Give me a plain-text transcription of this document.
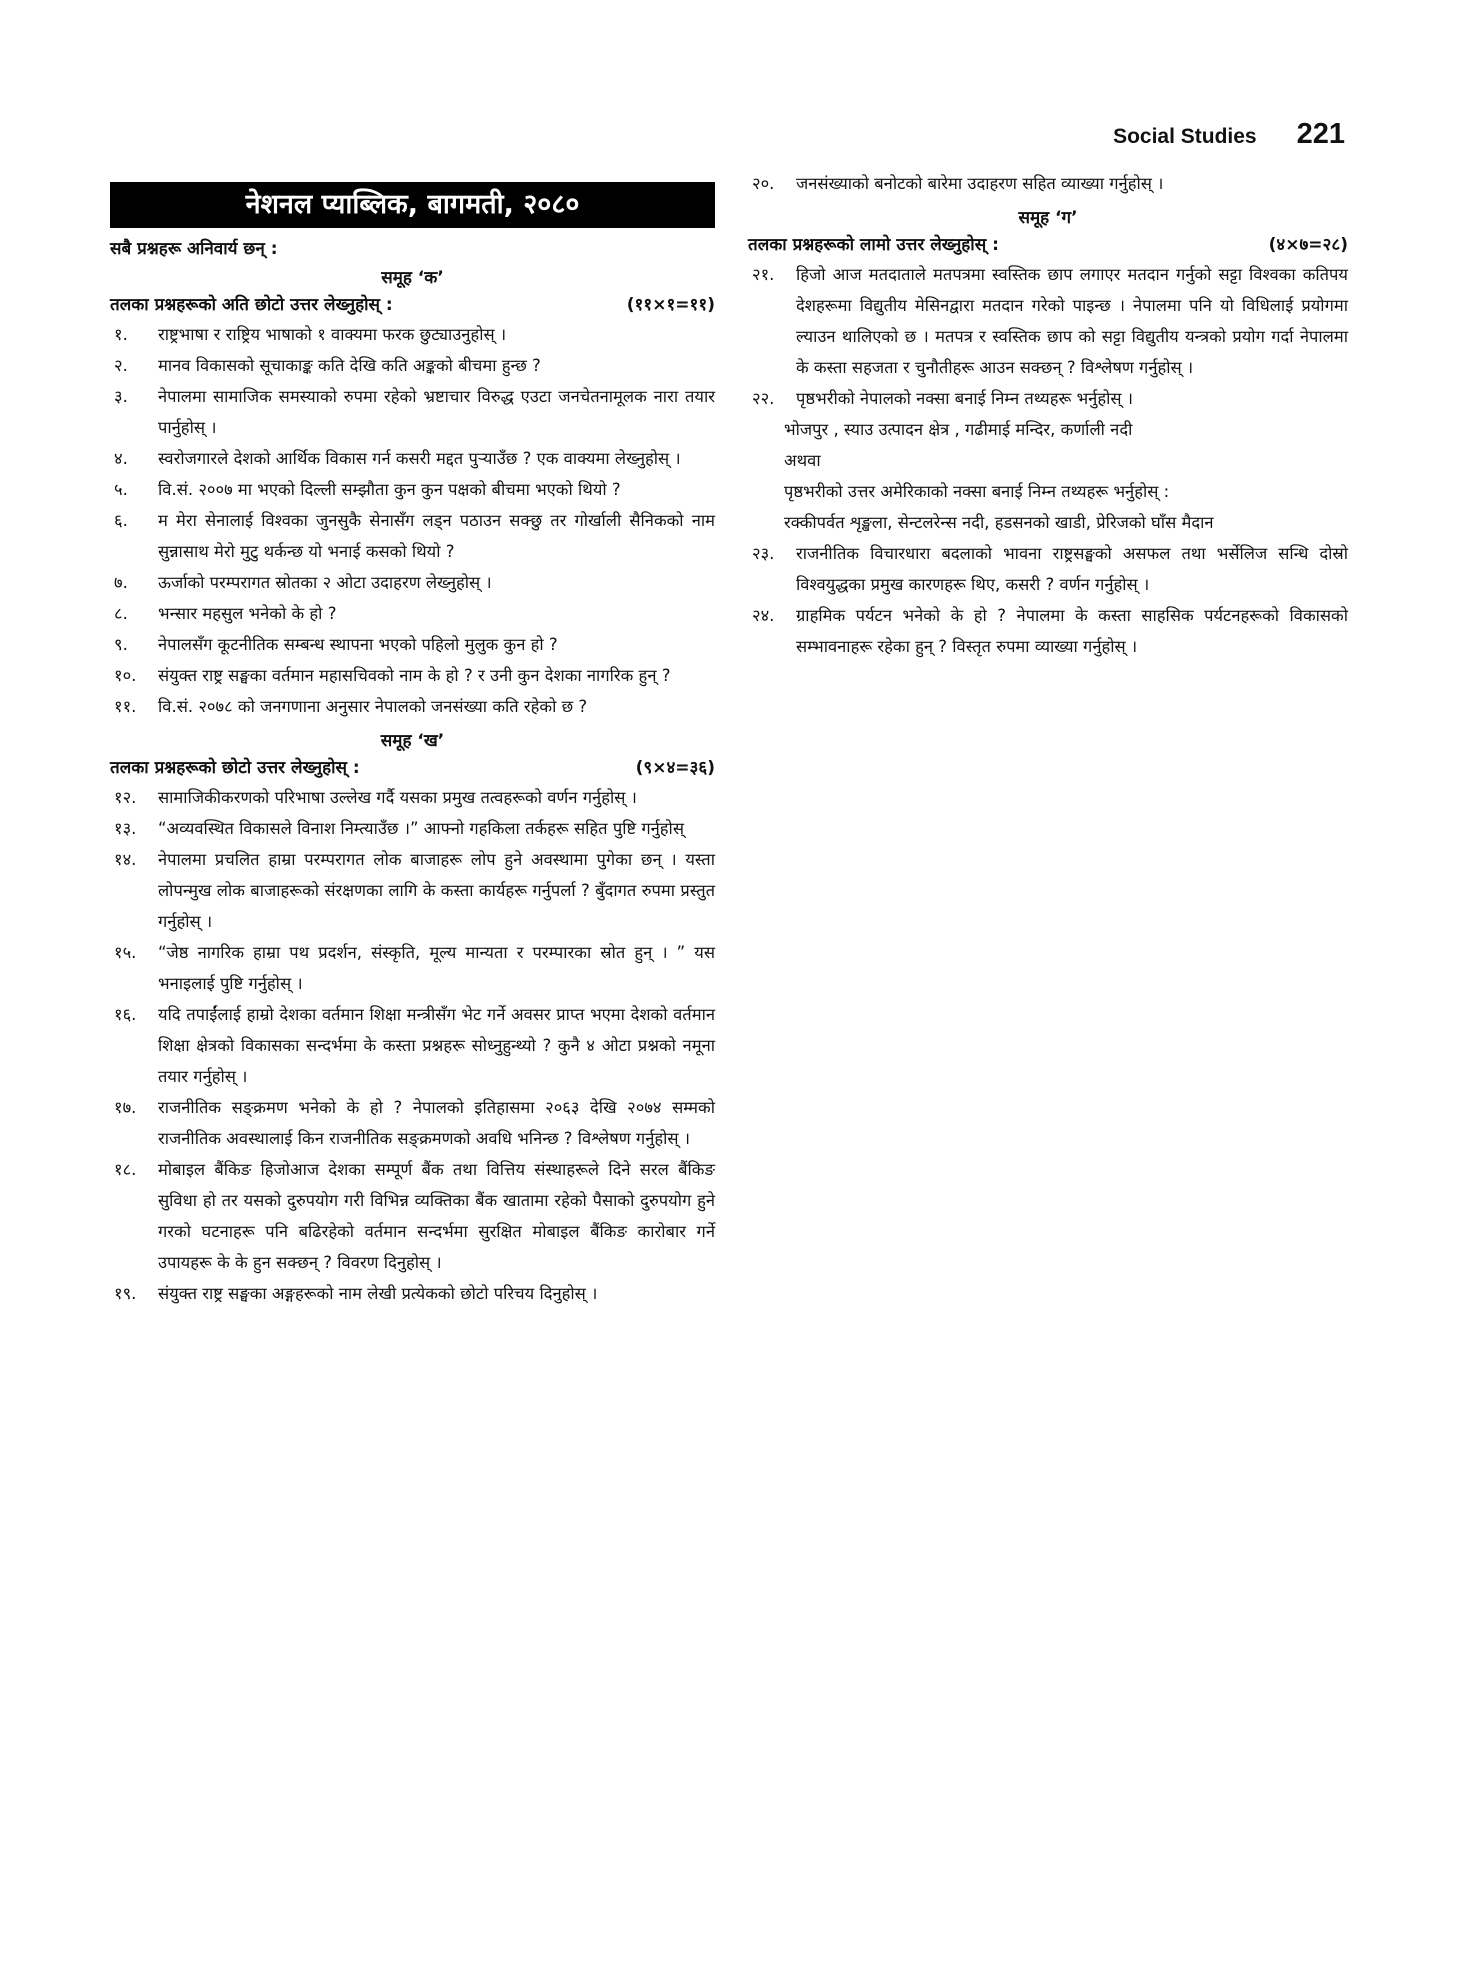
Social Studies 221
नेशनल प्याब्लिक, बागमती, २०८०
सबै प्रश्नहरू अनिवार्य छन् :
समूह ‘क’
तलका प्रश्नहरूको अति छोटो उत्तर लेख्नुहोस् :	(११×१=११)
१.	राष्ट्रभाषा र राष्ट्रिय भाषाको १ वाक्यमा फरक छुट्याउनुहोस् ।
२.	मानव विकासको सूचाकाङ्क कति देखि कति अङ्कको बीचमा हुन्छ ?
३.	नेपालमा सामाजिक समस्याको रुपमा रहेको भ्रष्टाचार विरुद्ध एउटा जनचेतनामूलक नारा तयार पार्नुहोस् ।
४.	स्वरोजगारले देशको आर्थिक विकास गर्न कसरी मद्दत पुऱ्याउँछ ? एक वाक्यमा लेख्नुहोस् ।
५.	वि.सं. २००७ मा भएको दिल्ली सम्झौता कुन कुन पक्षको बीचमा भएको थियो ?
६.	म मेरा सेनालाई विश्वका जुनसुकै सेनासँग लड्न पठाउन सक्छु तर गोर्खाली सैनिकको नाम सुन्नासाथ मेरो मुटु थर्कन्छ यो भनाई कसको थियो ?
७.	ऊर्जाको परम्परागत स्रोतका २ ओटा उदाहरण लेख्नुहोस् ।
८.	भन्सार महसुल भनेको के हो ?
९.	नेपालसँग कूटनीतिक सम्बन्ध स्थापना भएको पहिलो मुलुक कुन हो ?
१०.	संयुक्त राष्ट्र सङ्घका वर्तमान महासचिवको नाम के हो ? र उनी कुन देशका नागरिक हुन् ?
११.	वि.सं. २०७८ को जनगणाना अनुसार नेपालको जनसंख्या कति रहेको छ ?
समूह ‘ख’
तलका प्रश्नहरूको छोटो उत्तर लेख्नुहोस् :	(९×४=३६)
१२.	सामाजिकीकरणको परिभाषा उल्लेख गर्दै यसका प्रमुख तत्वहरूको वर्णन गर्नुहोस् ।
१३.	“अव्यवस्थित विकासले विनाश निम्त्याउँछ ।” आफ्नो गहकिला तर्कहरू सहित पुष्टि गर्नुहोस्
१४.	नेपालमा प्रचलित हाम्रा परम्परागत लोक बाजाहरू लोप हुने अवस्थामा पुगेका छन् । यस्ता लोपन्मुख लोक बाजाहरूको संरक्षणका लागि के कस्ता कार्यहरू गर्नुपर्ला ? बुँदागत रुपमा प्रस्तुत गर्नुहोस् ।
१५.	“जेष्ठ नागरिक हाम्रा पथ प्रदर्शन, संस्कृति, मूल्य मान्यता र परम्पारका स्रोत हुन् । ” यस भनाइलाई पुष्टि गर्नुहोस् ।
१६.	यदि तपाईंलाई हाम्रो देशका वर्तमान शिक्षा मन्त्रीसँग भेट गर्ने अवसर प्राप्त भएमा देशको वर्तमान शिक्षा क्षेत्रको विकासका सन्दर्भमा के कस्ता प्रश्नहरू सोध्नुहुन्थ्यो ? कुनै ४ ओटा प्रश्नको नमूना तयार गर्नुहोस् ।
१७.	राजनीतिक सङ्क्रमण भनेको के हो ? नेपालको इतिहासमा २०६३ देखि २०७४ सम्मको राजनीतिक अवस्थालाई किन राजनीतिक सङ्क्रमणको अवधि भनिन्छ ? विश्लेषण गर्नुहोस् ।
१८.	मोबाइल बैंकिङ हिजोआज देशका सम्पूर्ण बैंक तथा वित्तिय संस्थाहरूले दिने सरल बैंकिङ सुविधा हो तर यसको दुरुपयोग गरी विभिन्न व्यक्तिका बैंक खातामा रहेको पैसाको दुरुपयोग हुने गरको घटनाहरू पनि बढिरहेको वर्तमान सन्दर्भमा सुरक्षित मोबाइल बैंकिङ कारोबार गर्ने उपायहरू के के हुन सक्छन् ? विवरण दिनुहोस् ।
१९.	संयुक्त राष्ट्र सङ्घका अङ्गहरूको नाम लेखी प्रत्येकको छोटो परिचय दिनुहोस् ।
२०.	जनसंख्याको बनोटको बारेमा उदाहरण सहित व्याख्या गर्नुहोस् ।
समूह ‘ग’
तलका प्रश्नहरूको लामो उत्तर लेख्नुहोस् :	(४×७=२८)
२१.	हिजो आज मतदाताले मतपत्रमा स्वस्तिक छाप लगाएर मतदान गर्नुको सट्टा विश्वका कतिपय देशहरूमा विद्युतीय मेसिनद्वारा मतदान गरेको पाइन्छ । नेपालमा पनि यो विधिलाई प्रयोगमा ल्याउन थालिएको छ । मतपत्र र स्वस्तिक छाप को सट्टा विद्युतीय यन्त्रको प्रयोग गर्दा नेपालमा के कस्ता सहजता र चुनौतीहरू आउन सक्छन् ? विश्लेषण गर्नुहोस् ।
२२.	पृष्ठभरीको नेपालको नक्सा बनाई निम्न तथ्यहरू भर्नुहोस् ।
भोजपुर , स्याउ उत्पादन क्षेत्र , गढीमाई मन्दिर, कर्णाली नदी
अथवा
पृष्ठभरीको उत्तर अमेरिकाको नक्सा बनाई निम्न तथ्यहरू भर्नुहोस् :
रक्कीपर्वत शृङ्खला, सेन्टलरेन्स नदी, हडसनको खाडी, प्रेरिजको घाँस मैदान
२३.	राजनीतिक विचारधारा बदलाको भावना राष्ट्रसङ्घको असफल तथा भर्सेलिज सन्धि दोस्रो विश्वयुद्धका प्रमुख कारणहरू थिए, कसरी ? वर्णन गर्नुहोस् ।
२४.	ग्राहमिक पर्यटन भनेको के हो ? नेपालमा के कस्ता साहसिक पर्यटनहरूको विकासको सम्भावनाहरू रहेका हुन् ? विस्तृत रुपमा व्याख्या गर्नुहोस् ।
